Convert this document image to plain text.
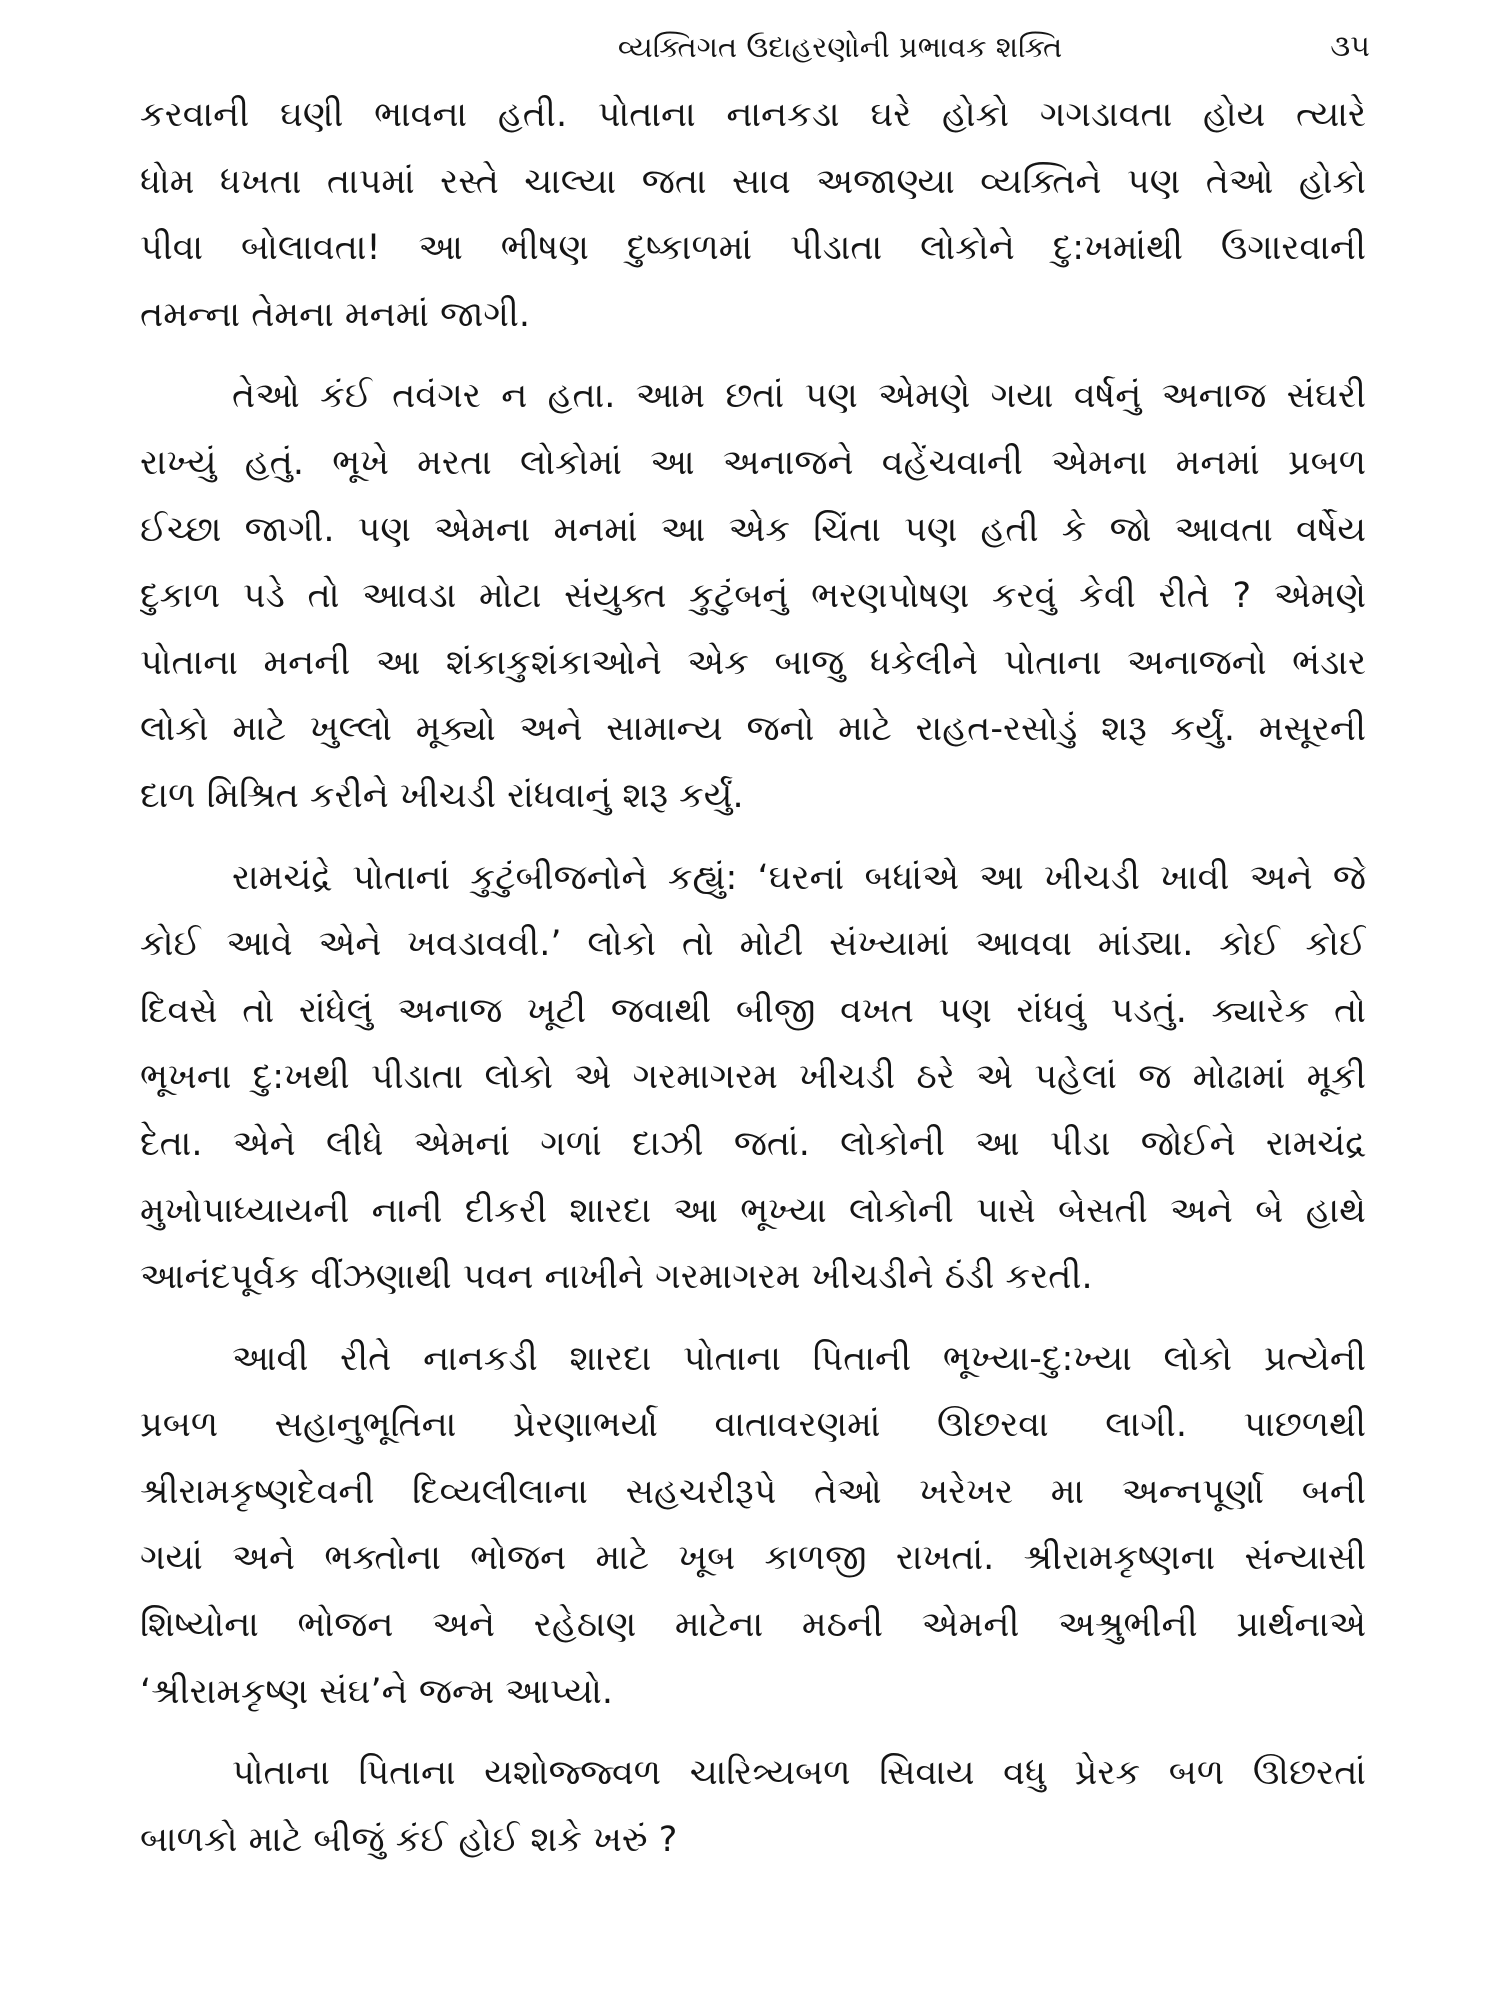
વ્યક્તિગત ઉદાહરણોની પ્રભાવક શક્તિ	૩૫
કરવાની ઘણી ભાવના હતી. પોતાના નાનકડા ઘરે હોકો ગગડાવતા હોય ત્યારે
ધોમ ધખતા તાપમાં રસ્તે ચાલ્યા જતા સાવ અજાણ્યા વ્યક્તિને પણ તેઓ હોકો
પીવા બોલાવતા! આ ભીષણ દુષ્કાળમાં પીડાતા લોકોને દુ:ખમાંથી ઉગારવાની
તમન્ના તેમના મનમાં જાગી.
તેઓ કંઈ તવંગર ન હતા. આમ છતાં પણ એમણે ગયા વર્ષનું અનાજ સંઘરી
રાખ્યું હતું. ભૂખે મરતા લોકોમાં આ અનાજને વહેંચવાની એમના મનમાં પ્રબળ
ઈચ્છા જાગી. પણ એમના મનમાં આ એક ચિંતા પણ હતી કે જો આવતા વર્ષેય
દુકાળ પડે તો આવડા મોટા સંયુક્ત કુટુંબનું ભરણપોષણ કરવું કેવી રીતે ? એમણે
પોતાના મનની આ શંકાકુશંકાઓને એક બાજુ ધકેલીને પોતાના અનાજનો ભંડાર
લોકો માટે ખુલ્લો મૂક્યો અને સામાન્ય જનો માટે રાહત-રસોડું શરૂ કર્યું. મસૂરની
દાળ મિશ્રિત કરીને ખીચડી રાંધવાનું શરૂ કર્યું.
રામચંદ્રે પોતાનાં કુટુંબીજનોને કહ્યું: ‘ઘરનાં બધાંએ આ ખીચડી ખાવી અને જે
કોઈ આવે એને ખવડાવવી.’ લોકો તો મોટી સંખ્યામાં આવવા માંડ્યા. કોઈ કોઈ
દિવસે તો રાંધેલું અનાજ ખૂટી જવાથી બીજી વખત પણ રાંધવું પડતું. ક્યારેક તો
ભૂખના દુ:ખથી પીડાતા લોકો એ ગરમાગરમ ખીચડી ઠરે એ પહેલાં જ મોઢામાં મૂકી
દેતા. એને લીધે એમનાં ગળાં દાઝી જતાં. લોકોની આ પીડા જોઈને રામચંદ્ર
મુખોપાધ્યાયની નાની દીકરી શારદા આ ભૂખ્યા લોકોની પાસે બેસતી અને બે હાથે
આનંદપૂર્વક વીંઝણાથી પવન નાખીને ગરમાગરમ ખીચડીને ઠંડી કરતી.
આવી રીતે નાનકડી શારદા પોતાના પિતાની ભૂખ્યા-દુ:ખ્યા લોકો પ્રત્યેની
પ્રબળ સહાનુભૂતિના પ્રેરણાભર્યા વાતાવરણમાં ઊછરવા લાગી. પાછળથી
શ્રીરામકૃષ્ણદેવની દિવ્યલીલાના સહચરીરૂપે તેઓ ખરેખર મા અન્નપૂર્ણા બની
ગયાં અને ભક્તોના ભોજન માટે ખૂબ કાળજી રાખતાં. શ્રીરામકૃષ્ણના સંન્યાસી
શિષ્યોના ભોજન અને રહેઠાણ માટેના મઠની એમની અશ્રુભીની પ્રાર્થનાએ
‘શ્રીરામકૃષ્ણ સંઘ’ને જન્મ આપ્યો.
પોતાના પિતાના યશોજ્જ્વળ ચારિત્ર્યબળ સિવાય વધુ પ્રેરક બળ ઊછરતાં
બાળકો માટે બીજું કંઈ હોઈ શકે ખરું ?
